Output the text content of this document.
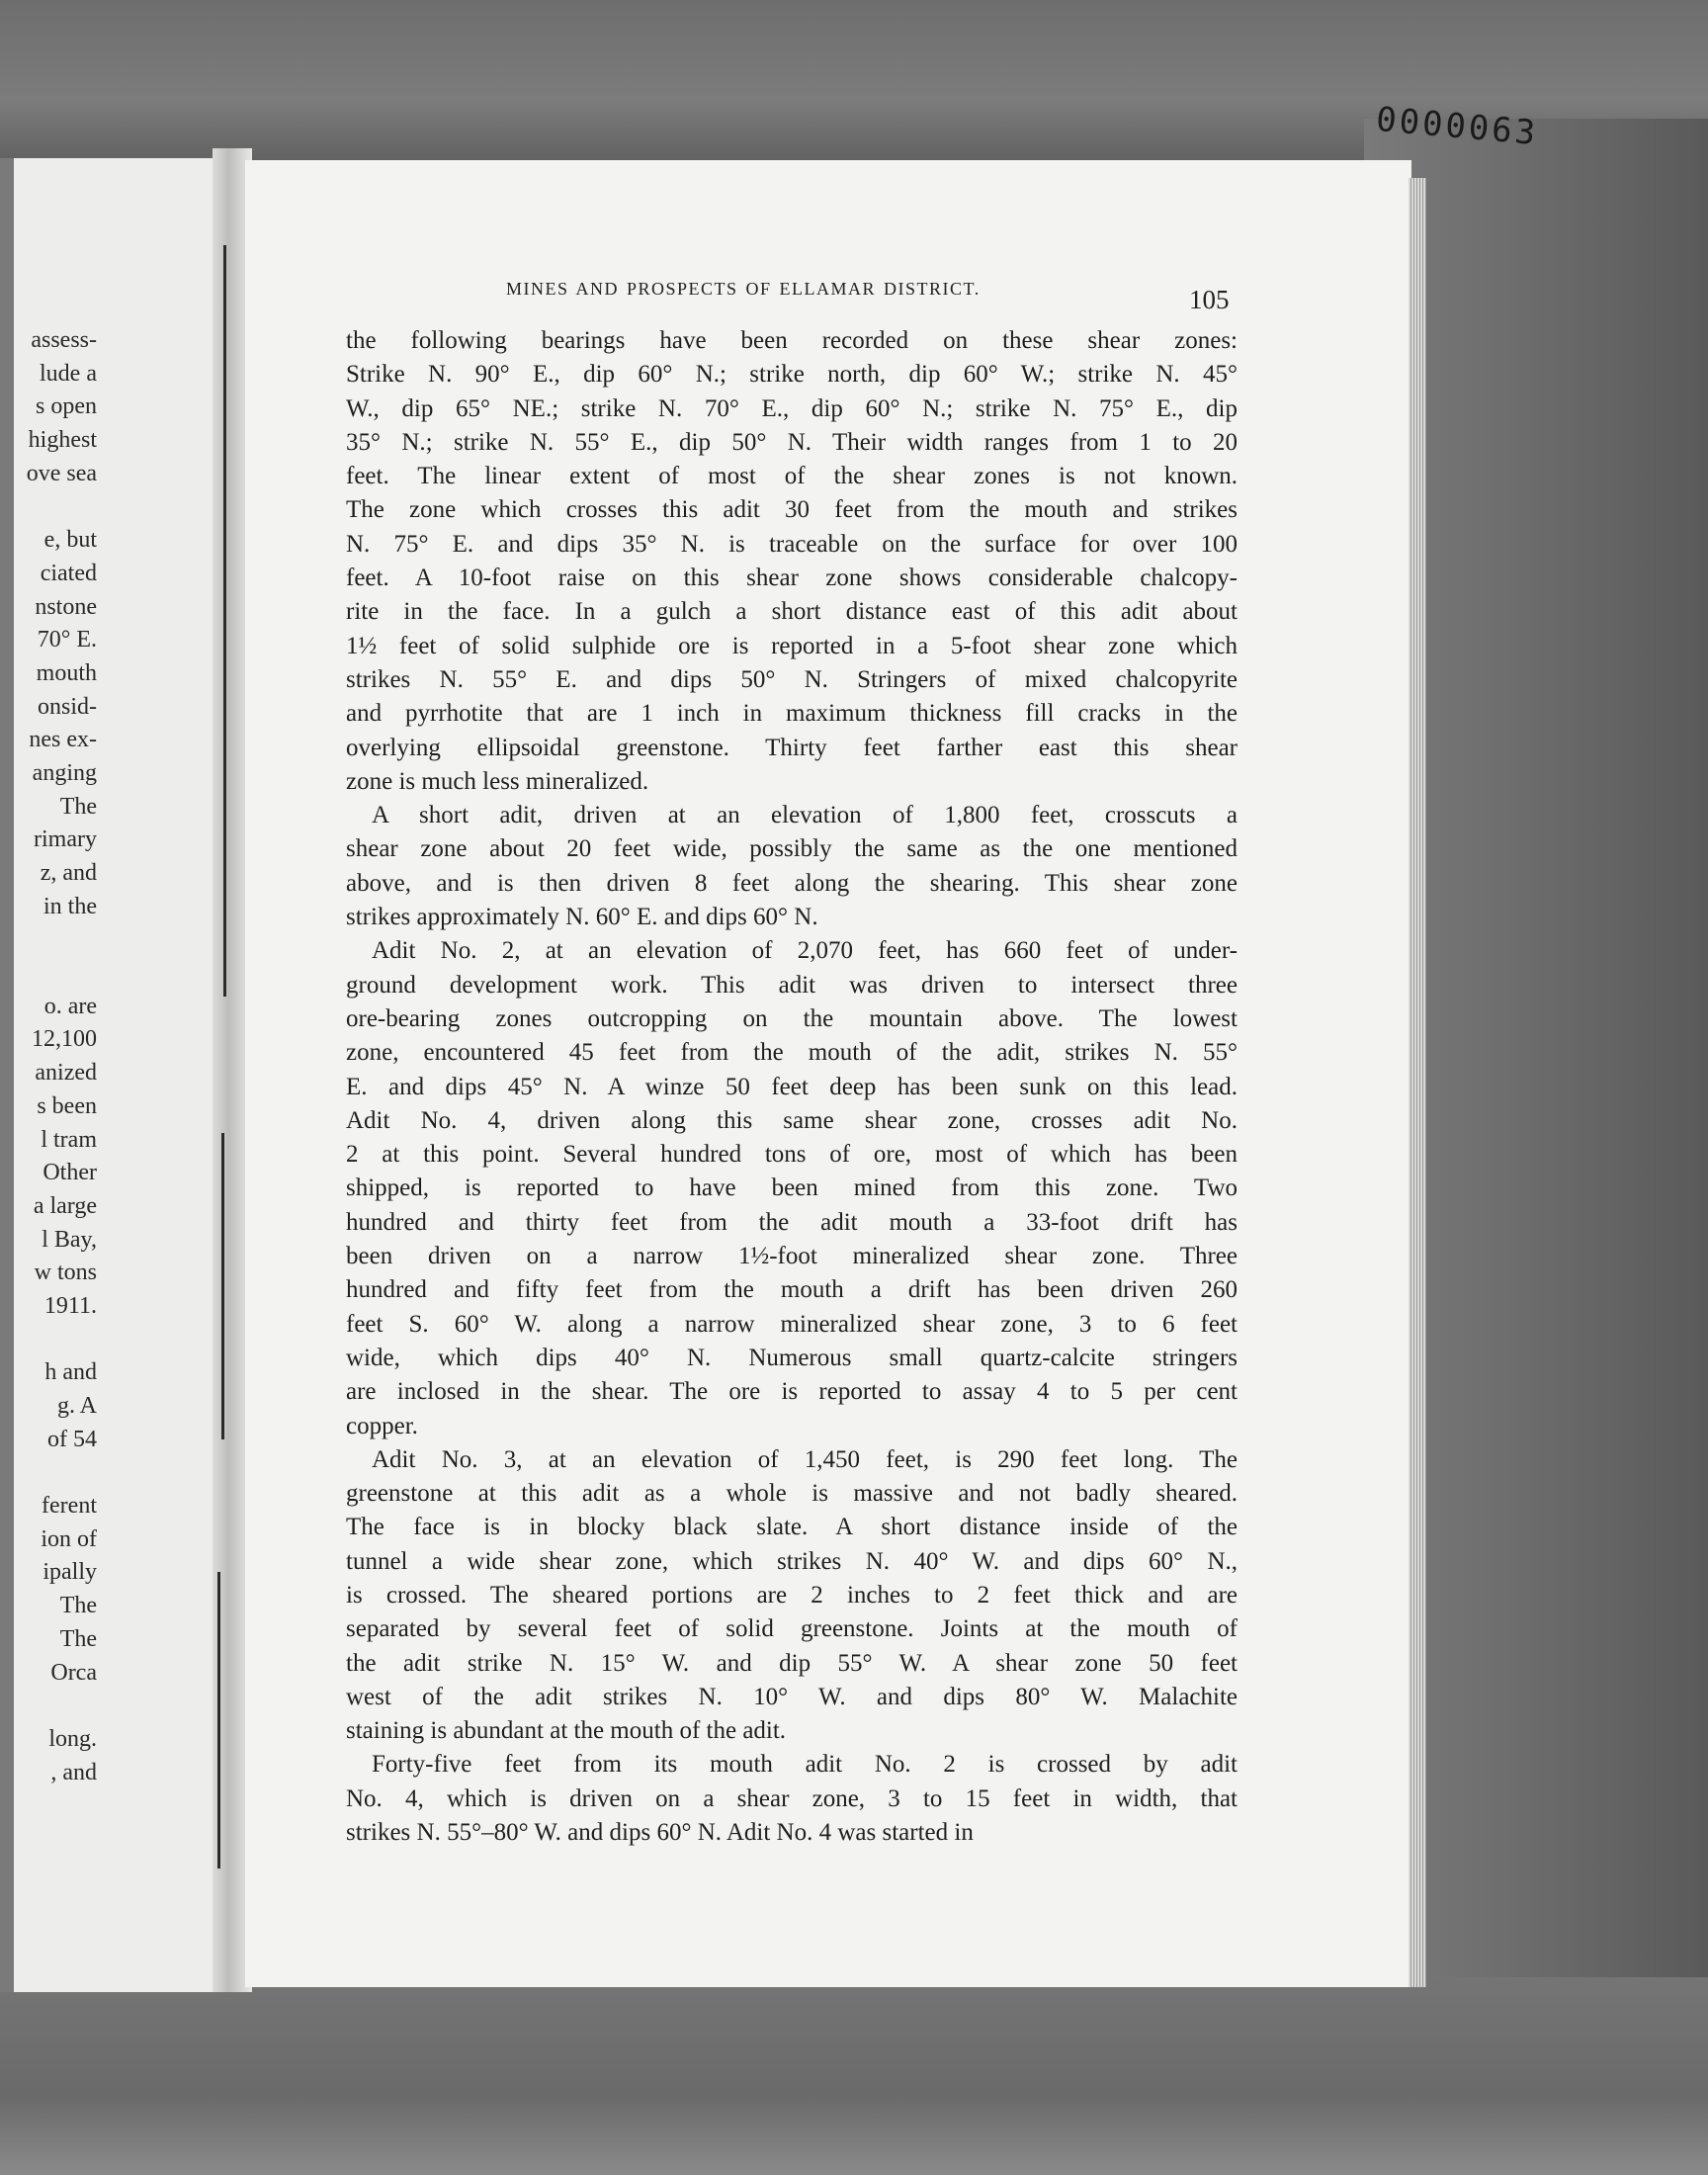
0000063
assess-
lude a
s open
highest
ove sea
e, but
ciated
nstone
70° E.
mouth
onsid-
nes ex-
anging
The
rimary
z, and
in the
o. are
12,100
anized
s been
l tram
Other
a large
l Bay,
w tons
1911.
h and
g. A
of 54
ferent
ion of
ipally
The
The
Orca
long.
, and
MINES AND PROSPECTS OF ELLAMAR DISTRICT.	105
the following bearings have been recorded on these shear zones:
Strike N. 90° E., dip 60° N.; strike north, dip 60° W.; strike N. 45°
W., dip 65° NE.; strike N. 70° E., dip 60° N.; strike N. 75° E., dip
35° N.; strike N. 55° E., dip 50° N. Their width ranges from 1 to 20
feet. The linear extent of most of the shear zones is not known.
The zone which crosses this adit 30 feet from the mouth and strikes
N. 75° E. and dips 35° N. is traceable on the surface for over 100
feet. A 10-foot raise on this shear zone shows considerable chalcopy-
rite in the face. In a gulch a short distance east of this adit about
1½ feet of solid sulphide ore is reported in a 5-foot shear zone which
strikes N. 55° E. and dips 50° N. Stringers of mixed chalcopyrite
and pyrrhotite that are 1 inch in maximum thickness fill cracks in the
overlying ellipsoidal greenstone. Thirty feet farther east this shear
zone is much less mineralized.
A short adit, driven at an elevation of 1,800 feet, crosscuts a
shear zone about 20 feet wide, possibly the same as the one mentioned
above, and is then driven 8 feet along the shearing. This shear zone
strikes approximately N. 60° E. and dips 60° N.
Adit No. 2, at an elevation of 2,070 feet, has 660 feet of under-
ground development work. This adit was driven to intersect three
ore-bearing zones outcropping on the mountain above. The lowest
zone, encountered 45 feet from the mouth of the adit, strikes N. 55°
E. and dips 45° N. A winze 50 feet deep has been sunk on this lead.
Adit No. 4, driven along this same shear zone, crosses adit No.
2 at this point. Several hundred tons of ore, most of which has been
shipped, is reported to have been mined from this zone. Two
hundred and thirty feet from the adit mouth a 33-foot drift has
been driven on a narrow 1½-foot mineralized shear zone. Three
hundred and fifty feet from the mouth a drift has been driven 260
feet S. 60° W. along a narrow mineralized shear zone, 3 to 6 feet
wide, which dips 40° N. Numerous small quartz-calcite stringers
are inclosed in the shear. The ore is reported to assay 4 to 5 per cent
copper.
Adit No. 3, at an elevation of 1,450 feet, is 290 feet long. The
greenstone at this adit as a whole is massive and not badly sheared.
The face is in blocky black slate. A short distance inside of the
tunnel a wide shear zone, which strikes N. 40° W. and dips 60° N.,
is crossed. The sheared portions are 2 inches to 2 feet thick and are
separated by several feet of solid greenstone. Joints at the mouth of
the adit strike N. 15° W. and dip 55° W. A shear zone 50 feet
west of the adit strikes N. 10° W. and dips 80° W. Malachite
staining is abundant at the mouth of the adit.
Forty-five feet from its mouth adit No. 2 is crossed by adit
No. 4, which is driven on a shear zone, 3 to 15 feet in width, that
strikes N. 55°–80° W. and dips 60° N. Adit No. 4 was started in
